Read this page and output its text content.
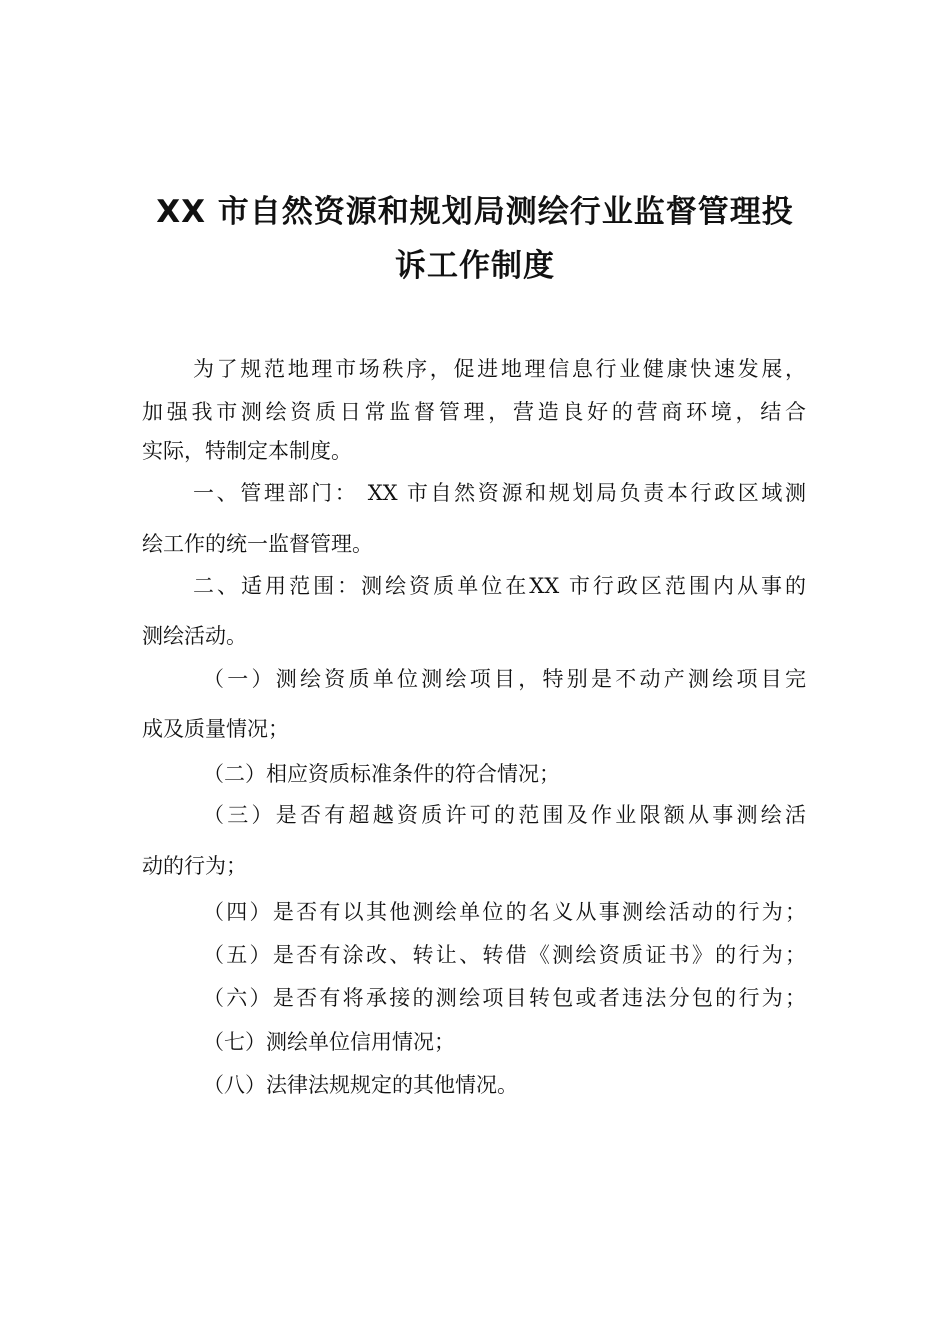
XX 市自然资源和规划局测绘行业监督管理投
诉工作制度
为了规范地理市场秩序，促进地理信息行业健康快速发展，
加强我市测绘资质日常监督管理，营造良好的营商环境，结合
实际，特制定本制度。
一、管理部门： XX 市自然资源和规划局负责本行政区域测
绘工作的统一监督管理。
二、适用范围：测绘资质单位在XX 市行政区范围内从事的
测绘活动。
（一）测绘资质单位测绘项目，特别是不动产测绘项目完
成及质量情况；
（二）相应资质标准条件的符合情况；
（三）是否有超越资质许可的范围及作业限额从事测绘活
动的行为；
（四）是否有以其他测绘单位的名义从事测绘活动的行为；
（五）是否有涂改、转让、转借《测绘资质证书》的行为；
（六）是否有将承接的测绘项目转包或者违法分包的行为；
（七）测绘单位信用情况；
（八）法律法规规定的其他情况。
